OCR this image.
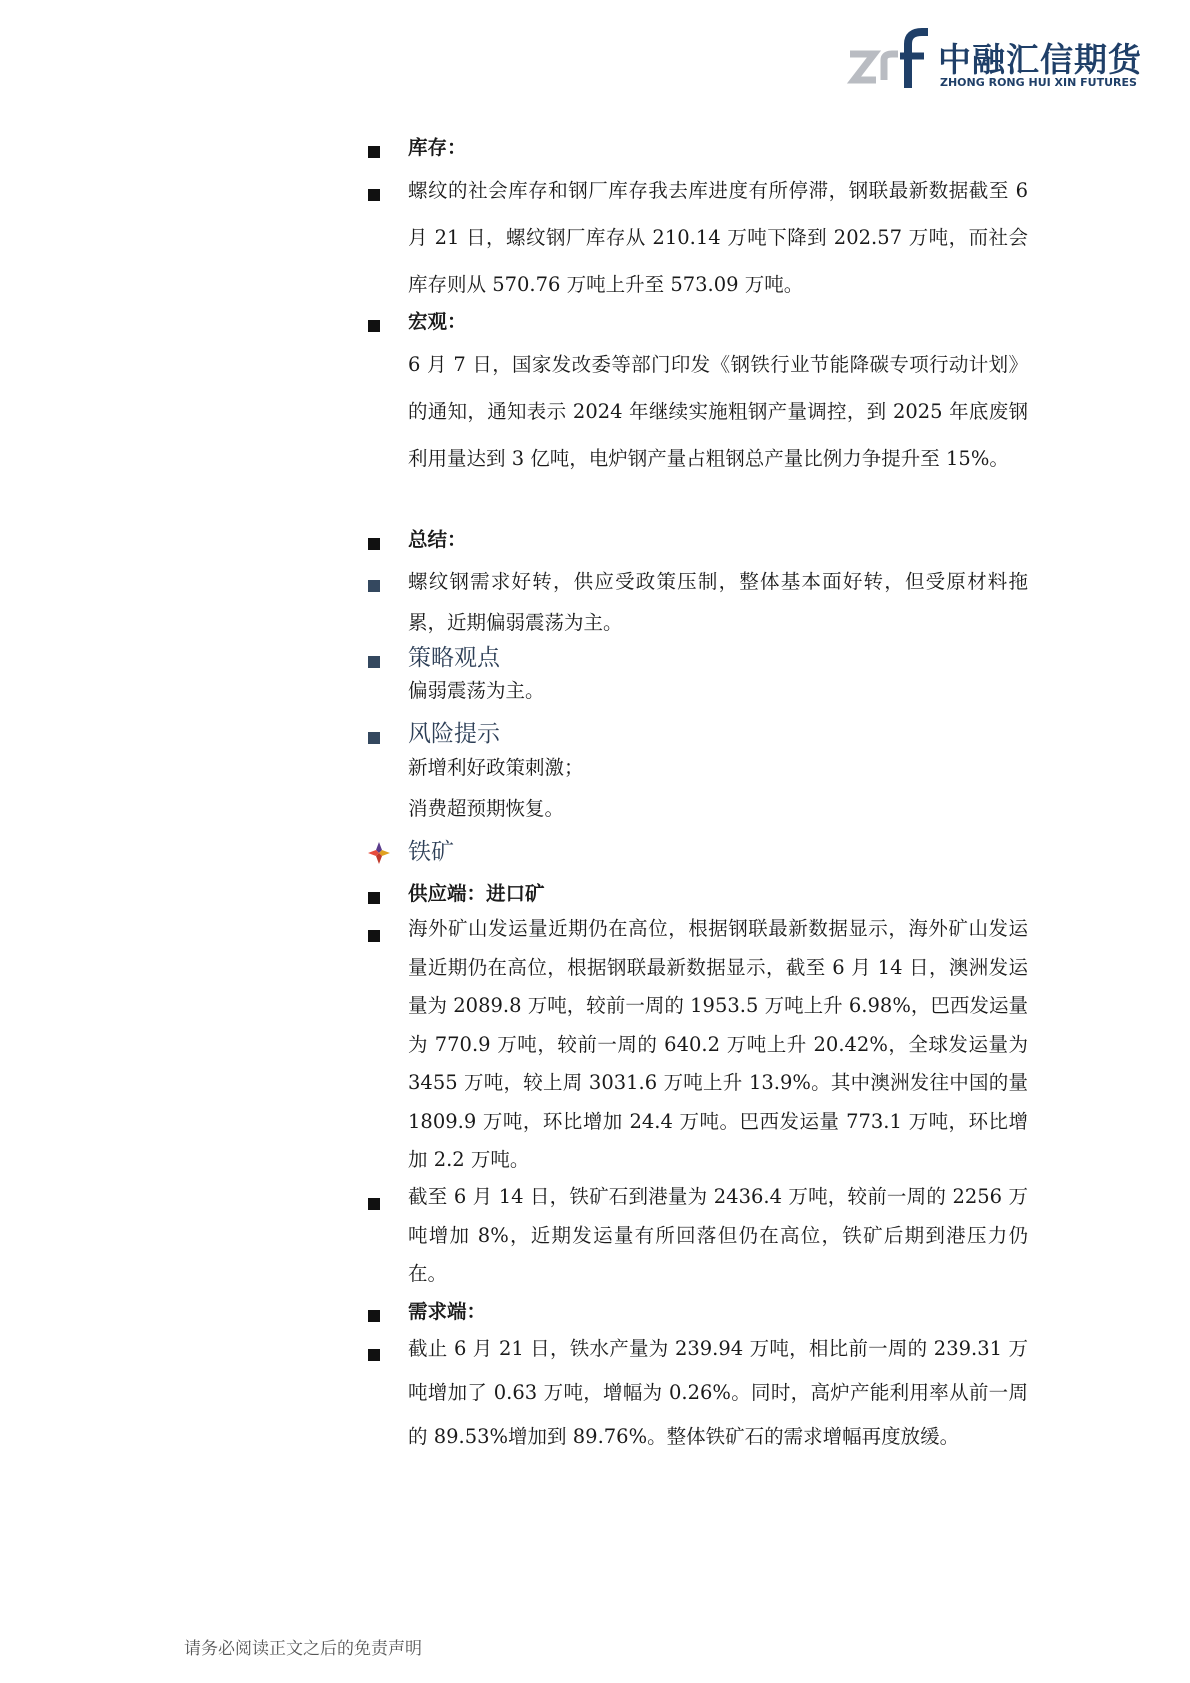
中融汇信期货
ZHONG RONG HUI XIN FUTURES
库存：
螺纹的社会库存和钢厂库存我去库进度有所停滞，钢联最新数据截至 6 月 21 日，螺纹钢厂库存从 210.14 万吨下降到 202.57 万吨，而社会库存则从 570.76 万吨上升至 573.09 万吨。
宏观：
6 月 7 日，国家发改委等部门印发《钢铁行业节能降碳专项行动计划》的通知，通知表示 2024 年继续实施粗钢产量调控，到 2025 年底废钢利用量达到 3 亿吨，电炉钢产量占粗钢总产量比例力争提升至 15%。
总结：
螺纹钢需求好转，供应受政策压制，整体基本面好转，但受原材料拖累，近期偏弱震荡为主。
策略观点
偏弱震荡为主。
风险提示
新增利好政策刺激；
消费超预期恢复。
铁矿
供应端：进口矿
海外矿山发运量近期仍在高位，根据钢联最新数据显示，海外矿山发运量近期仍在高位，根据钢联最新数据显示，截至 6 月 14 日，澳洲发运量为 2089.8 万吨，较前一周的 1953.5 万吨上升 6.98%，巴西发运量为 770.9 万吨，较前一周的 640.2 万吨上升 20.42%，全球发运量为 3455 万吨，较上周 3031.6 万吨上升 13.9%。其中澳洲发往中国的量 1809.9 万吨，环比增加 24.4 万吨。巴西发运量 773.1 万吨，环比增加 2.2 万吨。
截至 6 月 14 日，铁矿石到港量为 2436.4 万吨，较前一周的 2256 万吨增加 8%，近期发运量有所回落但仍在高位，铁矿后期到港压力仍在。
需求端：
截止 6 月 21 日，铁水产量为 239.94 万吨，相比前一周的 239.31 万吨增加了 0.63 万吨，增幅为 0.26%。同时，高炉产能利用率从前一周的 89.53%增加到 89.76%。整体铁矿石的需求增幅再度放缓。
请务必阅读正文之后的免责声明
